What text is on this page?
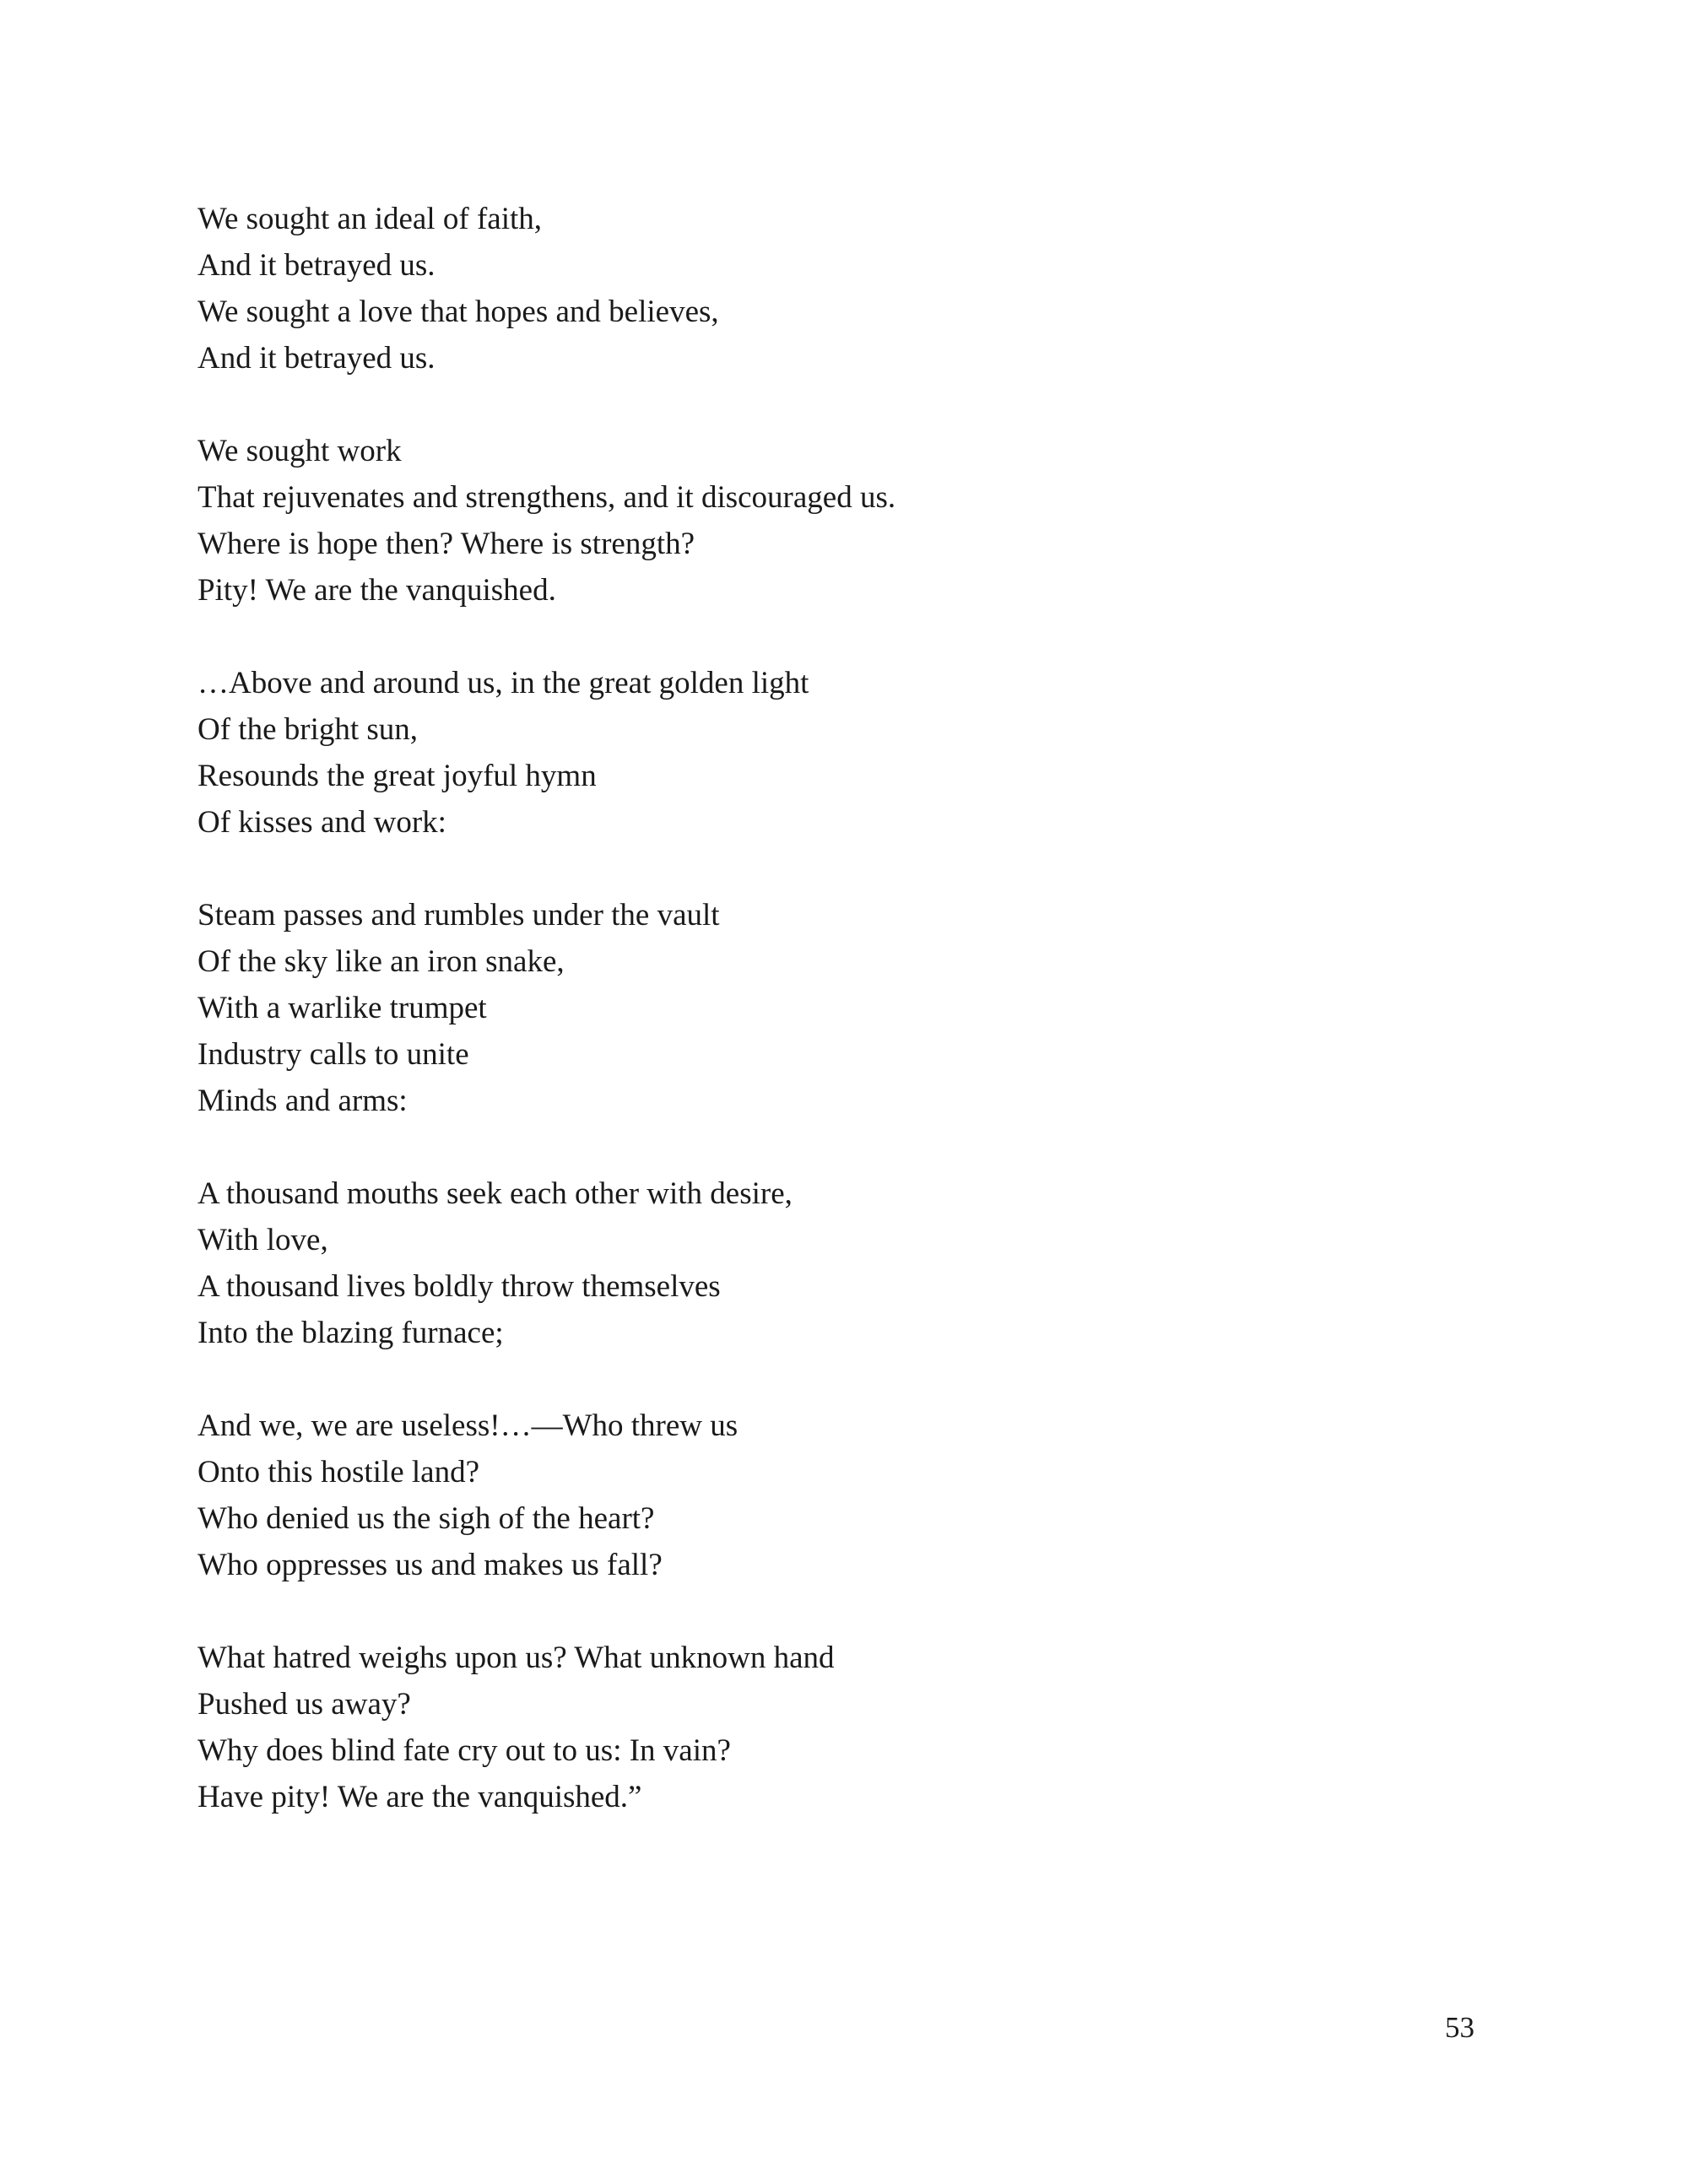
We sought an ideal of faith,
And it betrayed us.
We sought a love that hopes and believes,
And it betrayed us.
We sought work
That rejuvenates and strengthens, and it discouraged us.
Where is hope then? Where is strength?
Pity! We are the vanquished.
…Above and around us, in the great golden light
Of the bright sun,
Resounds the great joyful hymn
Of kisses and work:
Steam passes and rumbles under the vault
Of the sky like an iron snake,
With a warlike trumpet
Industry calls to unite
Minds and arms:
A thousand mouths seek each other with desire,
With love,
A thousand lives boldly throw themselves
Into the blazing furnace;
And we, we are useless!…—Who threw us
Onto this hostile land?
Who denied us the sigh of the heart?
Who oppresses us and makes us fall?
What hatred weighs upon us? What unknown hand
Pushed us away?
Why does blind fate cry out to us: In vain?
Have pity! We are the vanquished.”
53
